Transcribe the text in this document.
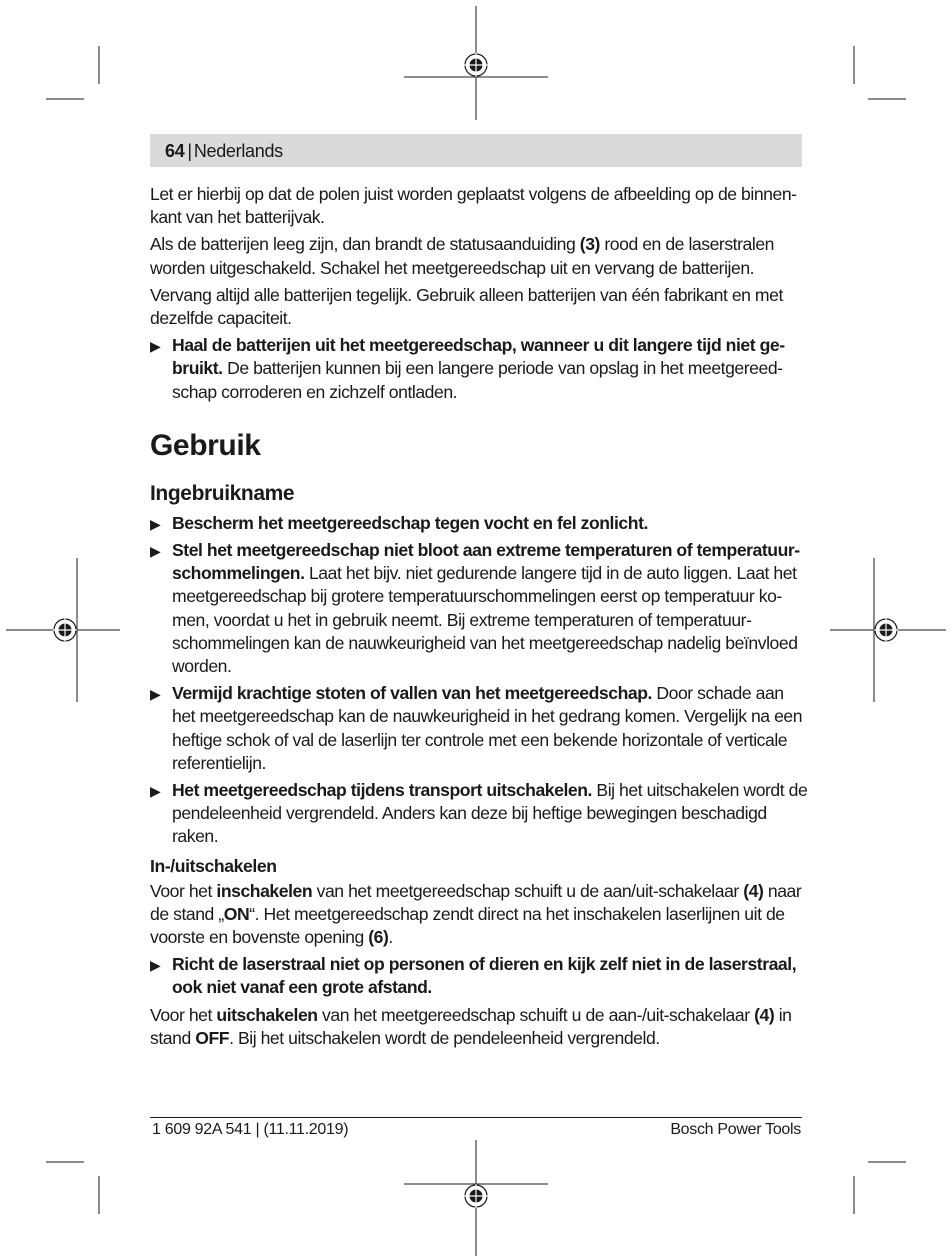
64 | Nederlands

Let er hierbij op dat de polen juist worden geplaatst volgens de afbeelding op de binnen-kant van het batterijvak.

Als de batterijen leeg zijn, dan brandt de statusaanduiding (3) rood en de laserstralen worden uitgeschakeld. Schakel het meetgereedschap uit en vervang de batterijen.

Vervang altijd alle batterijen tegelijk. Gebruik alleen batterijen van één fabrikant en met dezelfde capaciteit.

▶ Haal de batterijen uit het meetgereedschap, wanneer u dit langere tijd niet ge-bruikt. De batterijen kunnen bij een langere periode van opslag in het meetgereed-schap corroderen en zichzelf ontladen.
Gebruik
Ingebruikname
▶ Bescherm het meetgereedschap tegen vocht en fel zonlicht.
▶ Stel het meetgereedschap niet bloot aan extreme temperaturen of temperatuur-schommelingen. Laat het bijv. niet gedurende langere tijd in de auto liggen. Laat het meetgereedschap bij grotere temperatuurschommelingen eerst op temperatuur ko-men, voordat u het in gebruik neemt. Bij extreme temperaturen of temperatuur-schommelingen kan de nauwkeurigheid van het meetgereedschap nadelig beïnvloed worden.
▶ Vermijd krachtige stoten of vallen van het meetgereedschap. Door schade aan het meetgereedschap kan de nauwkeurigheid in het gedrang komen. Vergelijk na een heftige schok of val de laserlijn ter controle met een bekende horizontale of verticale referentielijn.
▶ Het meetgereedschap tijdens transport uitschakelen. Bij het uitschakelen wordt de pendeleenheid vergrendeld. Anders kan deze bij heftige bewegingen beschadigd raken.
In-/uitschakelen

Voor het inschakelen van het meetgereedschap schuift u de aan/uit-schakelaar (4) naar de stand „ON“. Het meetgereedschap zendt direct na het inschakelen laserlijnen uit de voorste en bovenste opening (6).

▶ Richt de laserstraal niet op personen of dieren en kijk zelf niet in de laserstraal, ook niet vanaf een grote afstand.

Voor het uitschakelen van het meetgereedschap schuift u de aan-/uit-schakelaar (4) in stand OFF. Bij het uitschakelen wordt de pendeleenheid vergrendeld.

1 609 92A 541 | (11.11.2019)	Bosch Power Tools
